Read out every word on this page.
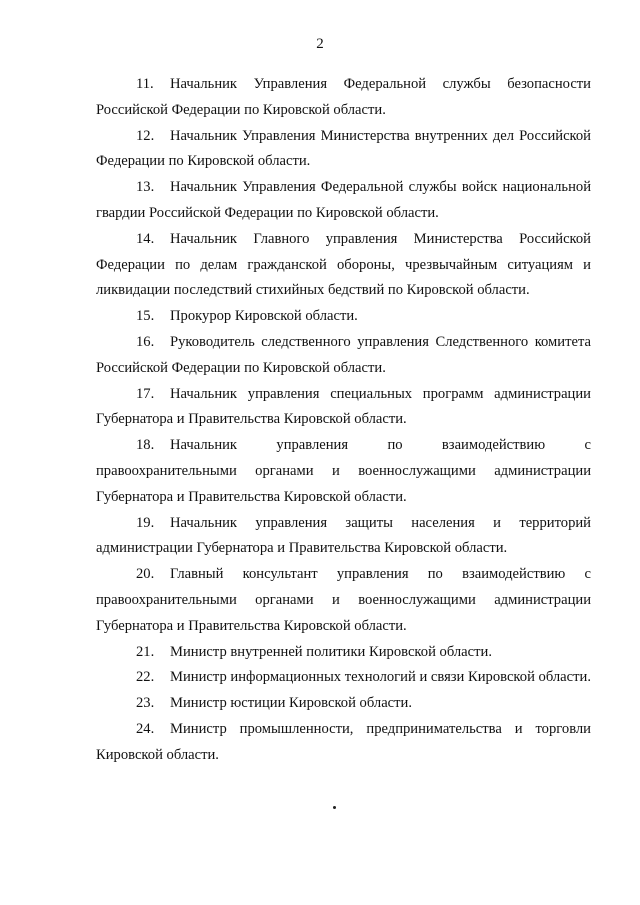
2

11. Начальник Управления Федеральной службы безопасности Российской Федерации по Кировской области.

12. Начальник Управления Министерства внутренних дел Российской Федерации по Кировской области.

13. Начальник Управления Федеральной службы войск национальной гвардии Российской Федерации по Кировской области.

14. Начальник Главного управления Министерства Российской Федерации по делам гражданской обороны, чрезвычайным ситуациям и ликвидации последствий стихийных бедствий по Кировской области.

15. Прокурор Кировской области.

16. Руководитель следственного управления Следственного комитета Российской Федерации по Кировской области.

17. Начальник управления специальных программ администрации Губернатора и Правительства Кировской области.

18. Начальник управления по взаимодействию с правоохранительными органами и военнослужащими администрации Губернатора и Правительства Кировской области.

19. Начальник управления защиты населения и территорий администрации Губернатора и Правительства Кировской области.

20. Главный консультант управления по взаимодействию с правоохранительными органами и военнослужащими администрации Губернатора и Правительства Кировской области.

21. Министр внутренней политики Кировской области.

22. Министр информационных технологий и связи Кировской области.

23. Министр юстиции Кировской области.

24. Министр промышленности, предпринимательства и торговли Кировской области.
